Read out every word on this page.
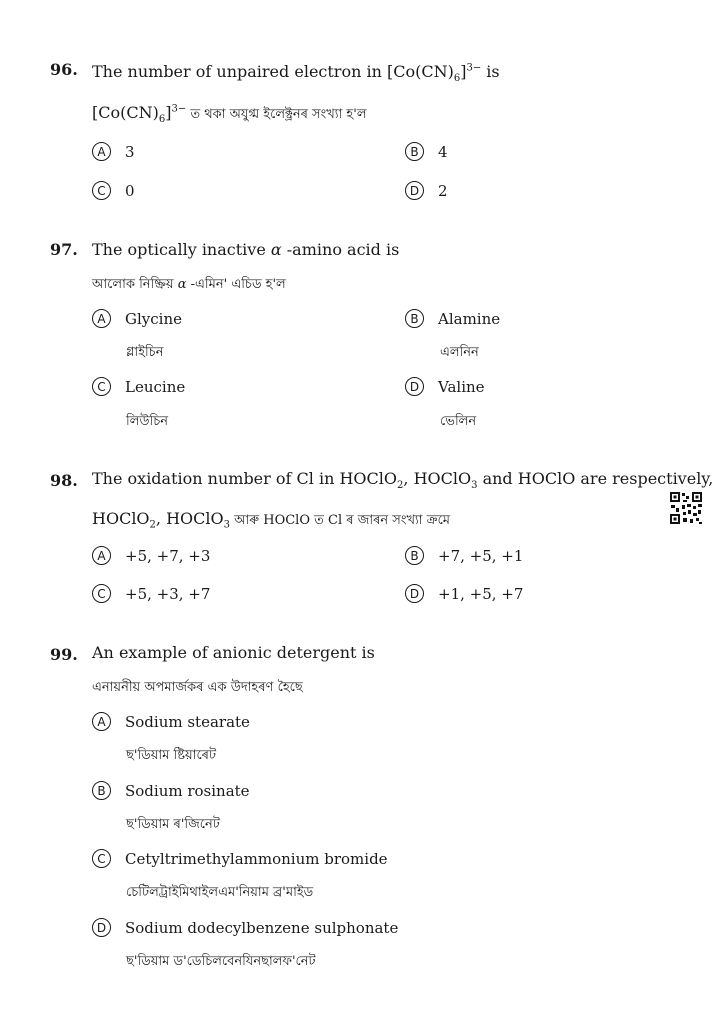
96. The number of unpaired electron in $[Co(CN)_6]^{3-}$ is
$[Co(CN)_6]^{3-}$ ত থকা অযুগ্ম ইলেক্ট্ৰনৰ সংখ্যা হ'ল
A	3	B	4
C	0	D	2
97. The optically inactive α -amino acid is
আলোক নিষ্ক্ৰিয় α -এমিন' এচিড হ'ল
A	Glycine
গ্লাইচিন
B	Alamine
এলনিন
C	Leucine
লিউচিন
D	Valine
ভেলিন
98. The oxidation number of Cl in HOClO$_2$, HOClO$_3$ and HOClO are respectively,
HOClO$_2$, HOClO$_3$ আৰু HOClO ত Cl ৰ জাৰন সংখ্যা ক্ৰমে
A	+5, +7, +3	B	+7, +5, +1
C	+5, +3, +7	D	+1, +5, +7
99. An example of anionic detergent is
এনায়নীয় অপমাৰ্জকৰ এক উদাহৰণ হৈছে
A	Sodium stearate
ছ'ডিয়াম ষ্টিয়াৰেট
B	Sodium rosinate
ছ'ডিয়াম ৰ'জিনেট
C	Cetyltrimethylammonium bromide
চেটিলট্ৰাইমিথাইলএম'নিয়াম ব্ৰ'মাইড
D	Sodium dodecylbenzene sulphonate
ছ'ডিয়াম ড'ডেচিলবেনযিনছালফ'নেট
